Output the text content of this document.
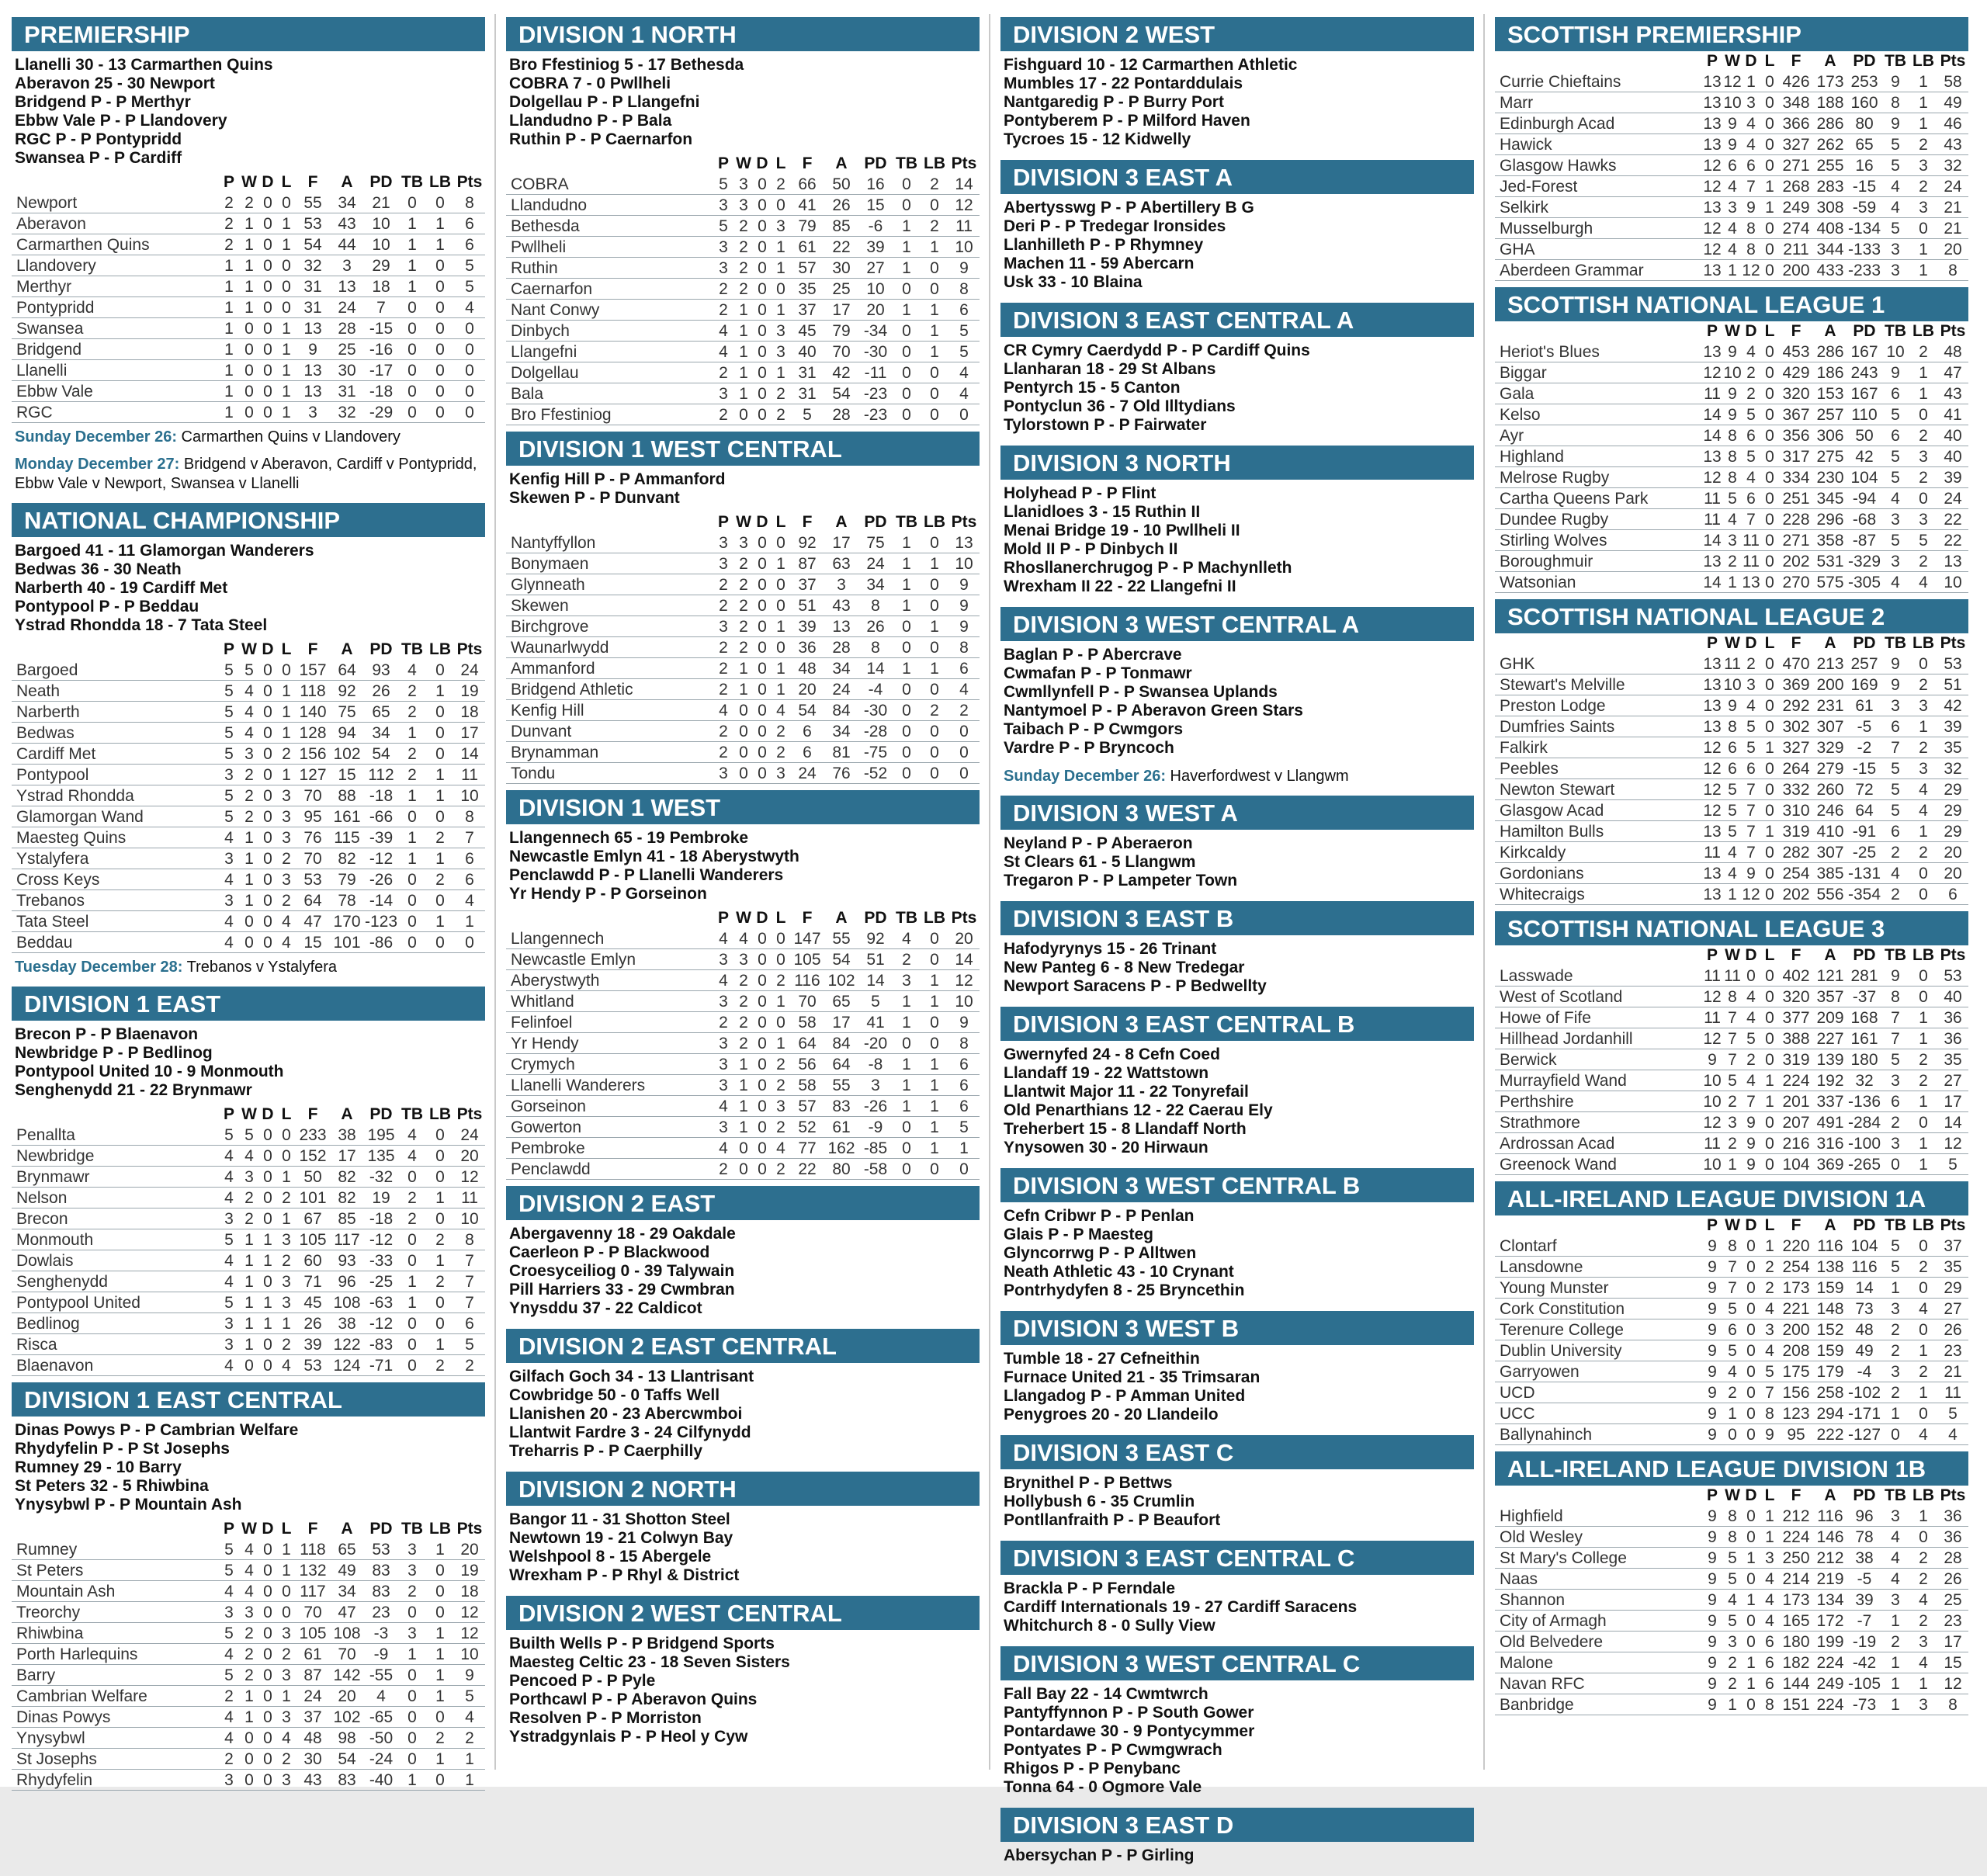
PREMIERSHIP
Llanelli 30 - 13 Carmarthen Quins
Aberavon 25 - 30 Newport
Bridgend P - P Merthyr
Ebbw Vale P - P Llandovery
RGC P - P Pontypridd
Swansea P - P Cardiff
	P	W	D	L	F	A	PD	TB	LB	Pts
Newport	2	2	0	0	55	34	21	0	0	8
Aberavon	2	1	0	1	53	43	10	1	1	6
Carmarthen Quins	2	1	0	1	54	44	10	1	1	6
Llandovery	1	1	0	0	32	3	29	1	0	5
Merthyr	1	1	0	0	31	13	18	1	0	5
Pontypridd	1	1	0	0	31	24	7	0	0	4
Swansea	1	0	0	1	13	28	-15	0	0	0
Bridgend	1	0	0	1	9	25	-16	0	0	0
Llanelli	1	0	0	1	13	30	-17	0	0	0
Ebbw Vale	1	0	0	1	13	31	-18	0	0	0
RGC	1	0	0	1	3	32	-29	0	0	0
Sunday December 26: Carmarthen Quins v Llandovery
Monday December 27: Bridgend v Aberavon, Cardiff v Pontypridd, Ebbw Vale v Newport, Swansea v Llanelli
NATIONAL CHAMPIONSHIP
Bargoed 41 - 11 Glamorgan Wanderers
Bedwas 36 - 30 Neath
Narberth 40 - 19 Cardiff Met
Pontypool P - P Beddau
Ystrad Rhondda 18 - 7 Tata Steel
	P	W	D	L	F	A	PD	TB	LB	Pts
Bargoed	5	5	0	0	157	64	93	4	0	24
Neath	5	4	0	1	118	92	26	2	1	19
Narberth	5	4	0	1	140	75	65	2	0	18
Bedwas	5	4	0	1	128	94	34	1	0	17
Cardiff Met	5	3	0	2	156	102	54	2	0	14
Pontypool	3	2	0	1	127	15	112	2	1	11
Ystrad Rhondda	5	2	0	3	70	88	-18	1	1	10
Glamorgan Wand	5	2	0	3	95	161	-66	0	0	8
Maesteg Quins	4	1	0	3	76	115	-39	1	2	7
Ystalyfera	3	1	0	2	70	82	-12	1	1	6
Cross Keys	4	1	0	3	53	79	-26	0	2	6
Trebanos	3	1	0	2	64	78	-14	0	0	4
Tata Steel	4	0	0	4	47	170	-123	0	1	1
Beddau	4	0	0	4	15	101	-86	0	0	0
Tuesday December 28: Trebanos v Ystalyfera
DIVISION 1 EAST
Brecon P - P Blaenavon
Newbridge P - P Bedlinog
Pontypool United 10 - 9 Monmouth
Senghenydd 21 - 22 Brynmawr
	P	W	D	L	F	A	PD	TB	LB	Pts
Penallta	5	5	0	0	233	38	195	4	0	24
Newbridge	4	4	0	0	152	17	135	4	0	20
Brynmawr	4	3	0	1	50	82	-32	0	0	12
Nelson	4	2	0	2	101	82	19	2	1	11
Brecon	3	2	0	1	67	85	-18	2	0	10
Monmouth	5	1	1	3	105	117	-12	0	2	8
Dowlais	4	1	1	2	60	93	-33	0	1	7
Senghenydd	4	1	0	3	71	96	-25	1	2	7
Pontypool United	5	1	1	3	45	108	-63	1	0	7
Bedlinog	3	1	1	1	26	38	-12	0	0	6
Risca	3	1	0	2	39	122	-83	0	1	5
Blaenavon	4	0	0	4	53	124	-71	0	2	2
DIVISION 1 EAST CENTRAL
Dinas Powys P - P Cambrian Welfare
Rhydyfelin P - P St Josephs
Rumney 29 - 10 Barry
St Peters 32 - 5 Rhiwbina
Ynysybwl P - P Mountain Ash
	P	W	D	L	F	A	PD	TB	LB	Pts
Rumney	5	4	0	1	118	65	53	3	1	20
St Peters	5	4	0	1	132	49	83	3	0	19
Mountain Ash	4	4	0	0	117	34	83	2	0	18
Treorchy	3	3	0	0	70	47	23	0	0	12
Rhiwbina	5	2	0	3	105	108	-3	3	1	12
Porth Harlequins	4	2	0	2	61	70	-9	1	1	10
Barry	5	2	0	3	87	142	-55	0	1	9
Cambrian Welfare	2	1	0	1	24	20	4	0	1	5
Dinas Powys	4	1	0	3	37	102	-65	0	0	4
Ynysybwl	4	0	0	4	48	98	-50	0	2	2
St Josephs	2	0	0	2	30	54	-24	0	1	1
Rhydyfelin	3	0	0	3	43	83	-40	1	0	1
DIVISION 1 NORTH
Bro Ffestiniog 5 - 17 Bethesda
COBRA 7 - 0 Pwllheli
Dolgellau P - P Llangefni
Llandudno P - P Bala
Ruthin P - P Caernarfon
	P	W	D	L	F	A	PD	TB	LB	Pts
COBRA	5	3	0	2	66	50	16	0	2	14
Llandudno	3	3	0	0	41	26	15	0	0	12
Bethesda	5	2	0	3	79	85	-6	1	2	11
Pwllheli	3	2	0	1	61	22	39	1	1	10
Ruthin	3	2	0	1	57	30	27	1	0	9
Caernarfon	2	2	0	0	35	25	10	0	0	8
Nant Conwy	2	1	0	1	37	17	20	1	1	6
Dinbych	4	1	0	3	45	79	-34	0	1	5
Llangefni	4	1	0	3	40	70	-30	0	1	5
Dolgellau	2	1	0	1	31	42	-11	0	0	4
Bala	3	1	0	2	31	54	-23	0	0	4
Bro Ffestiniog	2	0	0	2	5	28	-23	0	0	0
DIVISION 1 WEST CENTRAL
Kenfig Hill P - P Ammanford
Skewen P - P Dunvant
	P	W	D	L	F	A	PD	TB	LB	Pts
Nantyffyllon	3	3	0	0	92	17	75	1	0	13
Bonymaen	3	2	0	1	87	63	24	1	1	10
Glynneath	2	2	0	0	37	3	34	1	0	9
Skewen	2	2	0	0	51	43	8	1	0	9
Birchgrove	3	2	0	1	39	13	26	0	1	9
Waunarlwydd	2	2	0	0	36	28	8	0	0	8
Ammanford	2	1	0	1	48	34	14	1	1	6
Bridgend Athletic	2	1	0	1	20	24	-4	0	0	4
Kenfig Hill	4	0	0	4	54	84	-30	0	2	2
Dunvant	2	0	0	2	6	34	-28	0	0	0
Brynamman	2	0	0	2	6	81	-75	0	0	0
Tondu	3	0	0	3	24	76	-52	0	0	0
DIVISION 1 WEST
Llangennech 65 - 19 Pembroke
Newcastle Emlyn 41 - 18 Aberystwyth
Penclawdd P - P Llanelli Wanderers
Yr Hendy P - P Gorseinon
	P	W	D	L	F	A	PD	TB	LB	Pts
Llangennech	4	4	0	0	147	55	92	4	0	20
Newcastle Emlyn	3	3	0	0	105	54	51	2	0	14
Aberystwyth	4	2	0	2	116	102	14	3	1	12
Whitland	3	2	0	1	70	65	5	1	1	10
Felinfoel	2	2	0	0	58	17	41	1	0	9
Yr Hendy	3	2	0	1	64	84	-20	0	0	8
Crymych	3	1	0	2	56	64	-8	1	1	6
Llanelli Wanderers	3	1	0	2	58	55	3	1	1	6
Gorseinon	4	1	0	3	57	83	-26	1	1	6
Gowerton	3	1	0	2	52	61	-9	0	1	5
Pembroke	4	0	0	4	77	162	-85	0	1	1
Penclawdd	2	0	0	2	22	80	-58	0	0	0
DIVISION 2 EAST
Abergavenny 18 - 29 Oakdale
Caerleon P - P Blackwood
Croesyceiliog 0 - 39 Talywain
Pill Harriers 33 - 29 Cwmbran
Ynysddu 37 - 22 Caldicot
DIVISION 2 EAST CENTRAL
Gilfach Goch 34 - 13 Llantrisant
Cowbridge 50 - 0 Taffs Well
Llanishen 20 - 23 Abercwmboi
Llantwit Fardre 3 - 24 Cilfynydd
Treharris P - P Caerphilly
DIVISION 2 NORTH
Bangor 11 - 31 Shotton Steel
Newtown 19 - 21 Colwyn Bay
Welshpool 8 - 15 Abergele
Wrexham P - P Rhyl & District
DIVISION 2 WEST CENTRAL
Builth Wells P - P Bridgend Sports
Maesteg Celtic 23 - 18 Seven Sisters
Pencoed P - P Pyle
Porthcawl P - P Aberavon Quins
Resolven P - P Morriston
Ystradgynlais P - P Heol y Cyw
DIVISION 2 WEST
Fishguard 10 - 12 Carmarthen Athletic
Mumbles 17 - 22 Pontarddulais
Nantgaredig P - P Burry Port
Pontyberem P - P Milford Haven
Tycroes 15 - 12 Kidwelly
DIVISION 3 EAST A
Abertysswg P - P Abertillery B G
Deri P - P Tredegar Ironsides
Llanhilleth P - P Rhymney
Machen 11 - 59 Abercarn
Usk 33 - 10 Blaina
DIVISION 3 EAST CENTRAL A
CR Cymry Caerdydd P - P Cardiff Quins
Llanharan 18 - 29 St Albans
Pentyrch 15 - 5 Canton
Pontyclun 36 - 7 Old Illtydians
Tylorstown P - P Fairwater
DIVISION 3 NORTH
Holyhead P - P Flint
Llanidloes 3 - 15 Ruthin II
Menai Bridge 19 - 10 Pwllheli II
Mold II P - P Dinbych II
Rhosllanerchrugog P - P Machynlleth
Wrexham II 22 - 22 Llangefni II
DIVISION 3 WEST CENTRAL A
Baglan P - P Abercrave
Cwmafan P - P Tonmawr
Cwmllynfell P - P Swansea Uplands
Nantymoel P - P Aberavon Green Stars
Taibach P - P Cwmgors
Vardre P - P Bryncoch
Sunday December 26: Haverfordwest v Llangwm
DIVISION 3 WEST A
Neyland P - P Aberaeron
St Clears 61 - 5 Llangwm
Tregaron P - P Lampeter Town
DIVISION 3 EAST B
Hafodyrynys 15 - 26 Trinant
New Panteg 6 - 8 New Tredegar
Newport Saracens P - P Bedwellty
DIVISION 3 EAST CENTRAL B
Gwernyfed 24 - 8 Cefn Coed
Llandaff 19 - 22 Wattstown
Llantwit Major 11 - 22 Tonyrefail
Old Penarthians 12 - 22 Caerau Ely
Treherbert 15 - 8 Llandaff North
Ynysowen 30 - 20 Hirwaun
DIVISION 3 WEST CENTRAL B
Cefn Cribwr P - P Penlan
Glais P - P Maesteg
Glyncorrwg P - P Alltwen
Neath Athletic 43 - 10 Crynant
Pontrhydyfen 8 - 25 Bryncethin
DIVISION 3 WEST B
Tumble 18 - 27 Cefneithin
Furnace United 21 - 35 Trimsaran
Llangadog P - P Amman United
Penygroes 20 - 20 Llandeilo
DIVISION 3 EAST C
Brynithel P - P Bettws
Hollybush 6 - 35 Crumlin
Pontllanfraith P - P Beaufort
DIVISION 3 EAST CENTRAL C
Brackla P - P Ferndale
Cardiff Internationals 19 - 27 Cardiff Saracens
Whitchurch 8 - 0 Sully View
DIVISION 3 WEST CENTRAL C
Fall Bay 22 - 14 Cwmtwrch
Pantyffynnon P - P South Gower
Pontardawe 30 - 9 Pontycymmer
Pontyates P - P Cwmgwrach
Rhigos P - P Penybanc
Tonna 64 - 0 Ogmore Vale
DIVISION 3 EAST D
Abersychan P - P Girling
SCOTTISH PREMIERSHIP
	P	W	D	L	F	A	PD	TB	LB	Pts
Currie Chieftains	13	12	1	0	426	173	253	9	1	58
Marr	13	10	3	0	348	188	160	8	1	49
Edinburgh Acad	13	9	4	0	366	286	80	9	1	46
Hawick	13	9	4	0	327	262	65	5	2	43
Glasgow Hawks	12	6	6	0	271	255	16	5	3	32
Jed-Forest	12	4	7	1	268	283	-15	4	2	24
Selkirk	13	3	9	1	249	308	-59	4	3	21
Musselburgh	12	4	8	0	274	408	-134	5	0	21
GHA	12	4	8	0	211	344	-133	3	1	20
Aberdeen Grammar	13	1	12	0	200	433	-233	3	1	8
SCOTTISH NATIONAL LEAGUE 1
	P	W	D	L	F	A	PD	TB	LB	Pts
Heriot's Blues	13	9	4	0	453	286	167	10	2	48
Biggar	12	10	2	0	429	186	243	9	1	47
Gala	11	9	2	0	320	153	167	6	1	43
Kelso	14	9	5	0	367	257	110	5	0	41
Ayr	14	8	6	0	356	306	50	6	2	40
Highland	13	8	5	0	317	275	42	5	3	40
Melrose Rugby	12	8	4	0	334	230	104	5	2	39
Cartha Queens Park	11	5	6	0	251	345	-94	4	0	24
Dundee Rugby	11	4	7	0	228	296	-68	3	3	22
Stirling Wolves	14	3	11	0	271	358	-87	5	5	22
Boroughmuir	13	2	11	0	202	531	-329	3	2	13
Watsonian	14	1	13	0	270	575	-305	4	4	10
SCOTTISH NATIONAL LEAGUE 2
	P	W	D	L	F	A	PD	TB	LB	Pts
GHK	13	11	2	0	470	213	257	9	0	53
Stewart's Melville	13	10	3	0	369	200	169	9	2	51
Preston Lodge	13	9	4	0	292	231	61	3	3	42
Dumfries Saints	13	8	5	0	302	307	-5	6	1	39
Falkirk	12	6	5	1	327	329	-2	7	2	35
Peebles	12	6	6	0	264	279	-15	5	3	32
Newton Stewart	12	5	7	0	332	260	72	5	4	29
Glasgow Acad	12	5	7	0	310	246	64	5	4	29
Hamilton Bulls	13	5	7	1	319	410	-91	6	1	29
Kirkcaldy	11	4	7	0	282	307	-25	2	2	20
Gordonians	13	4	9	0	254	385	-131	4	0	20
Whitecraigs	13	1	12	0	202	556	-354	2	0	6
SCOTTISH NATIONAL LEAGUE 3
	P	W	D	L	F	A	PD	TB	LB	Pts
Lasswade	11	11	0	0	402	121	281	9	0	53
West of Scotland	12	8	4	0	320	357	-37	8	0	40
Howe of Fife	11	7	4	0	377	209	168	7	1	36
Hillhead Jordanhill	12	7	5	0	388	227	161	7	1	36
Berwick	9	7	2	0	319	139	180	5	2	35
Murrayfield Wand	10	5	4	1	224	192	32	3	2	27
Perthshire	10	2	7	1	201	337	-136	6	1	17
Strathmore	12	3	9	0	207	491	-284	2	0	14
Ardrossan Acad	11	2	9	0	216	316	-100	3	1	12
Greenock Wand	10	1	9	0	104	369	-265	0	1	5
ALL-IRELAND LEAGUE DIVISION 1A
	P	W	D	L	F	A	PD	TB	LB	Pts
Clontarf	9	8	0	1	220	116	104	5	0	37
Lansdowne	9	7	0	2	254	138	116	5	2	35
Young Munster	9	7	0	2	173	159	14	1	0	29
Cork Constitution	9	5	0	4	221	148	73	3	4	27
Terenure College	9	6	0	3	200	152	48	2	0	26
Dublin University	9	5	0	4	208	159	49	2	1	23
Garryowen	9	4	0	5	175	179	-4	3	2	21
UCD	9	2	0	7	156	258	-102	2	1	11
UCC	9	1	0	8	123	294	-171	1	0	5
Ballynahinch	9	0	0	9	95	222	-127	0	4	4
ALL-IRELAND LEAGUE DIVISION 1B
	P	W	D	L	F	A	PD	TB	LB	Pts
Highfield	9	8	0	1	212	116	96	3	1	36
Old Wesley	9	8	0	1	224	146	78	4	0	36
St Mary's College	9	5	1	3	250	212	38	4	2	28
Naas	9	5	0	4	214	219	-5	4	2	26
Shannon	9	4	1	4	173	134	39	3	4	25
City of Armagh	9	5	0	4	165	172	-7	1	2	23
Old Belvedere	9	3	0	6	180	199	-19	2	3	17
Malone	9	2	1	6	182	224	-42	1	4	15
Navan RFC	9	2	1	6	144	249	-105	1	1	12
Banbridge	9	1	0	8	151	224	-73	1	3	8
